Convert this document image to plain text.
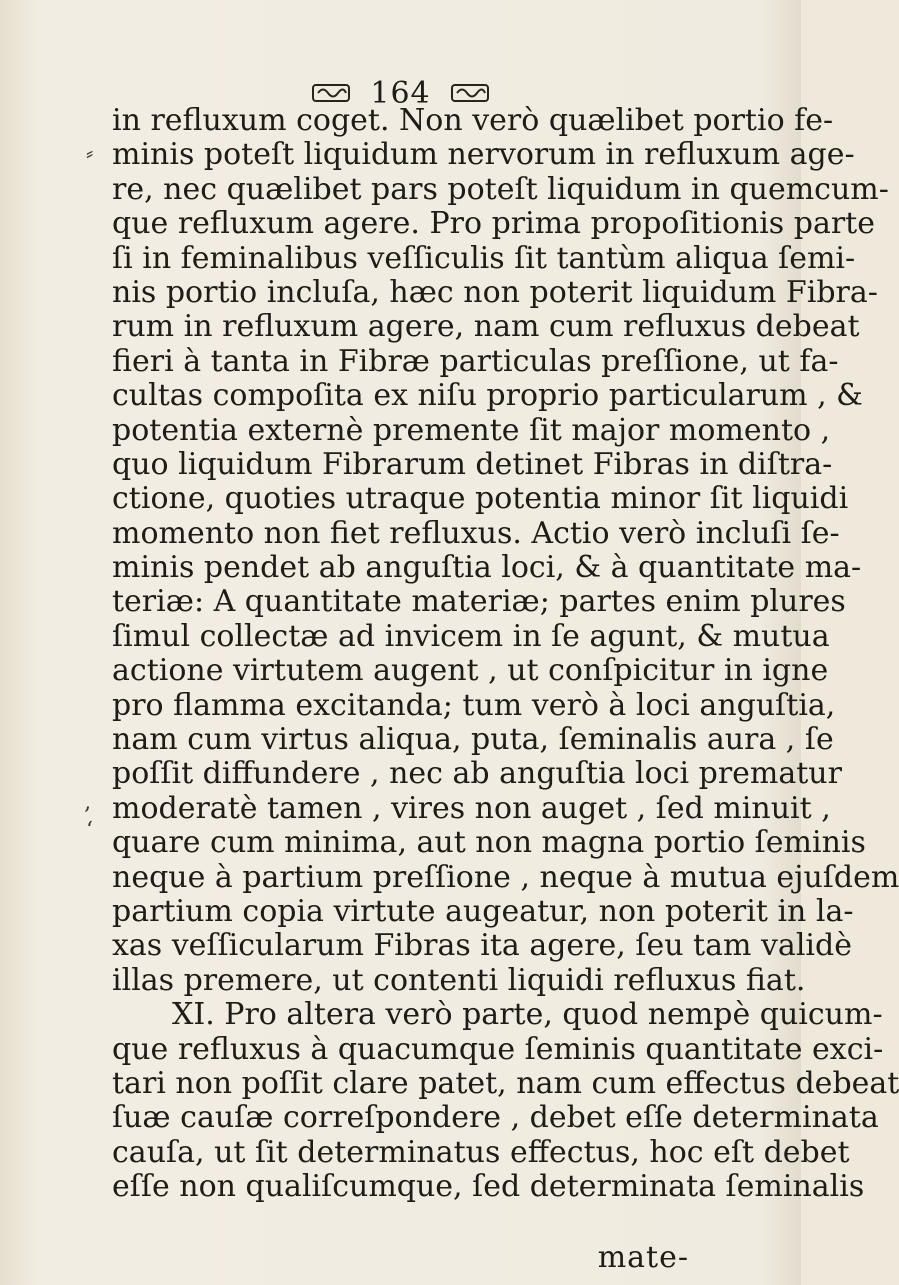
164
⸗
‚
ʻ
in refluxum coget. Non verò quælibet portio fe-
minis poteſt liquidum nervorum in refluxum age-
re, nec quælibet pars poteſt liquidum in quemcum-
que refluxum agere. Pro prima propoſitionis parte
ſi in feminalibus veſſiculis ſit tantùm aliqua ſemi-
nis portio incluſa, hæc non poterit liquidum Fibra-
rum in refluxum agere, nam cum refluxus debeat
fieri à tanta in Fibræ particulas preſſione, ut fa-
cultas compoſita ex niſu proprio particularum , &
potentia externè premente ſit major momento ,
quo liquidum Fibrarum detinet Fibras in diſtra-
ctione, quoties utraque potentia minor ſit liquidi
momento non fiet refluxus. Actio verò incluſi ſe-
minis pendet ab anguſtia loci, & à quantitate ma-
teriæ: A quantitate materiæ; partes enim plures
ſimul collectæ ad invicem in ſe agunt, & mutua
actione virtutem augent , ut conſpicitur in igne
pro flamma excitanda; tum verò à loci anguſtia,
nam cum virtus aliqua, puta, ſeminalis aura , ſe
poſſit diffundere , nec ab anguſtia loci prematur
moderatè tamen , vires non auget , ſed minuit ,
quare cum minima, aut non magna portio ſeminis
neque à partium preſſione , neque à mutua ejuſdem
partium copia virtute augeatur, non poterit in la-
xas veſſicularum Fibras ita agere, ſeu tam validè
illas premere, ut contenti liquidi refluxus fiat.
XI. Pro altera verò parte, quod nempè quicum-
que refluxus à quacumque ſeminis quantitate exci-
tari non poſſit clare patet, nam cum effectus debeat
ſuæ cauſæ correſpondere , debet eſſe determinata
cauſa, ut ſit determinatus effectus, hoc eſt debet
eſſe non qualiſcumque, ſed determinata ſeminalis
mate-
